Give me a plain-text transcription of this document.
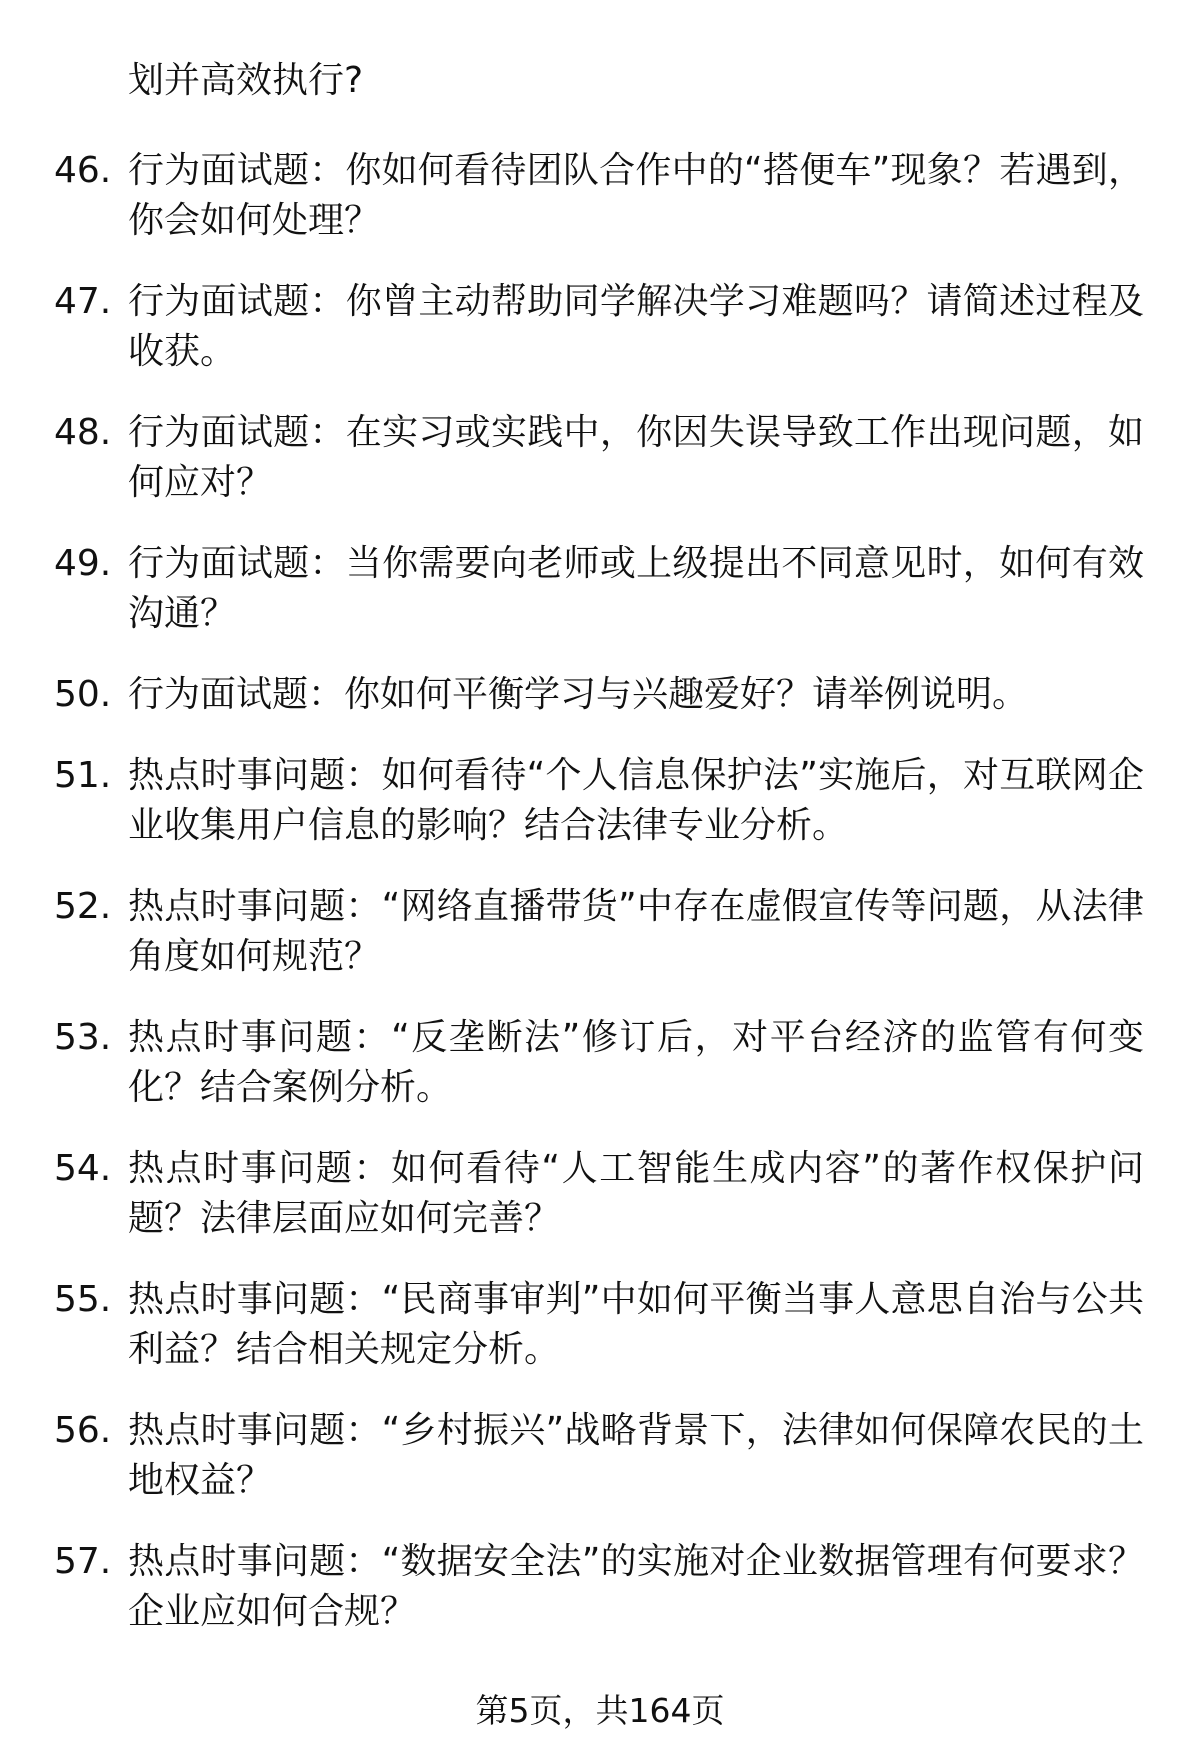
划并高效执行?
46. 行为面试题：你如何看待团队合作中的“搭便车”现象？若遇到，你会如何处理？
47. 行为面试题：你曾主动帮助同学解决学习难题吗？请简述过程及收获。
48. 行为面试题：在实习或实践中，你因失误导致工作出现问题，如何应对？
49. 行为面试题：当你需要向老师或上级提出不同意见时，如何有效沟通？
50. 行为面试题：你如何平衡学习与兴趣爱好？请举例说明。
51. 热点时事问题：如何看待“个人信息保护法”实施后，对互联网企业收集用户信息的影响？结合法律专业分析。
52. 热点时事问题：“网络直播带货”中存在虚假宣传等问题，从法律角度如何规范？
53. 热点时事问题：“反垄断法”修订后，对平台经济的监管有何变化？结合案例分析。
54. 热点时事问题：如何看待“人工智能生成内容”的著作权保护问题？法律层面应如何完善？
55. 热点时事问题：“民商事审判”中如何平衡当事人意思自治与公共利益？结合相关规定分析。
56. 热点时事问题：“乡村振兴”战略背景下，法律如何保障农民的土地权益？
57. 热点时事问题：“数据安全法”的实施对企业数据管理有何要求？企业应如何合规？
第5页，共164页
